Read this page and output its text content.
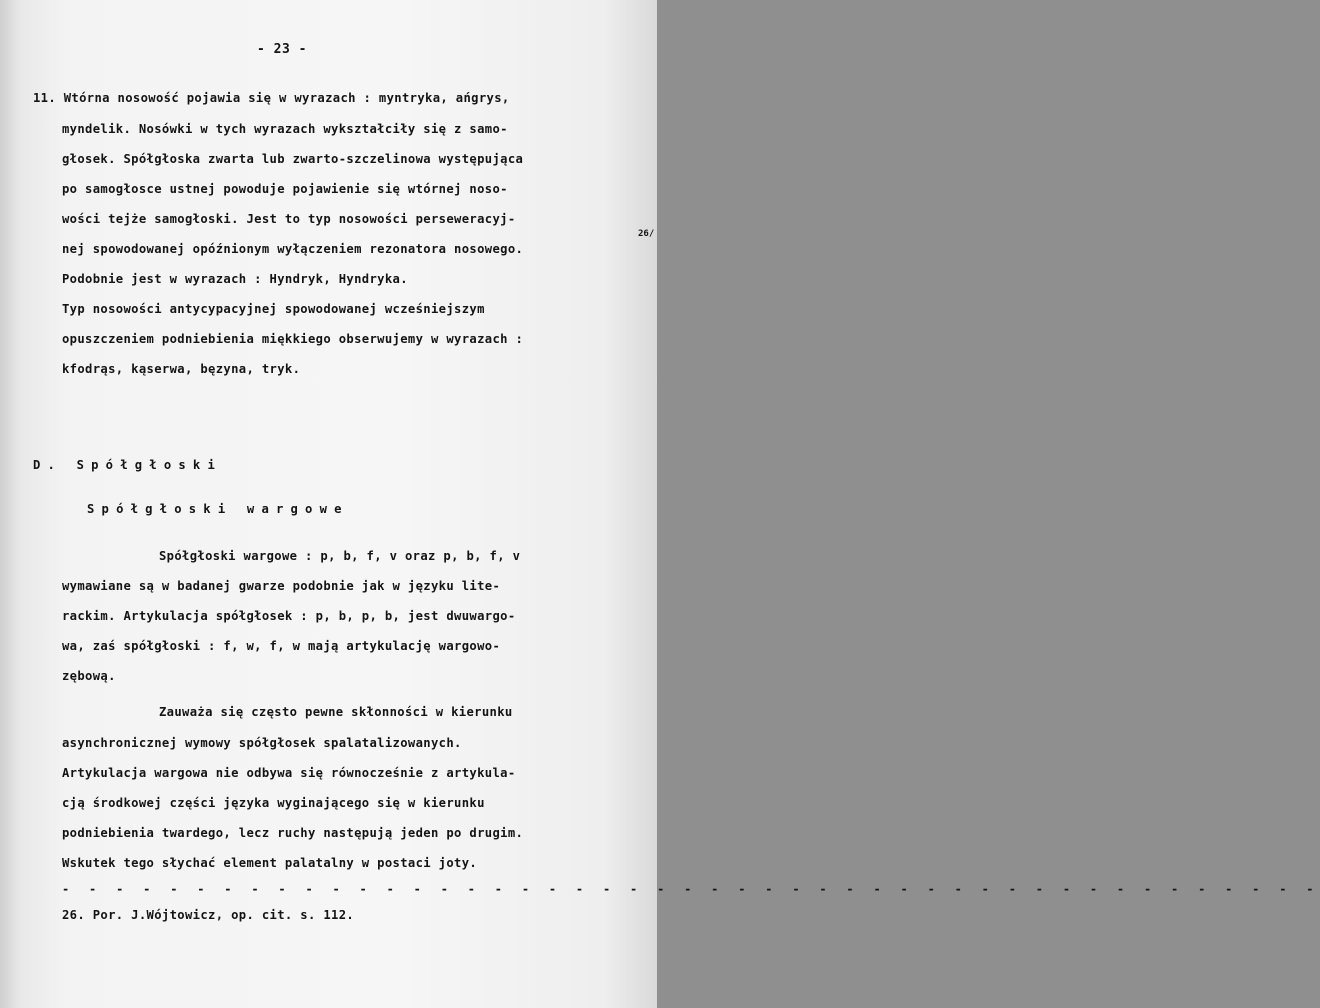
- 23 -
11. Wtórna nosowość pojawia się w wyrazach : myntryka, ańgrys,
myndelik. Nosówki w tych wyrazach wykształciły się z samo-
głosek. Spółgłoska zwarta lub zwarto-szczelinowa występująca
po samogłosce ustnej powoduje pojawienie się wtórnej noso-
wości tejże samogłoski. Jest to typ nosowości perseweracyj-
nej spowodowanej opóźnionym wyłączeniem rezonatora nosowego.
26/
Podobnie jest w wyrazach : Hyndryk, Hyndryka.
Typ nosowości antycypacyjnej spowodowanej wcześniejszym
opuszczeniem podniebienia miękkiego obserwujemy w wyrazach :
kfodrąs, kąserwa, bęzyna, tryk.
D. Spółgłoski
Spółgłoski wargowe
Spółgłoski wargowe : p, b, f, v oraz p, b, f, v
wymawiane są w badanej gwarze podobnie jak w języku lite-
rackim. Artykulacja spółgłosek : p, b, p, b, jest dwuwargo-
wa, zaś spółgłoski : f, w, f, w mają artykulację wargowo-
zębową.
Zauważa się często pewne skłonności w kierunku
asynchronicznej wymowy spółgłosek spalatalizowanych.
Artykulacja wargowa nie odbywa się równocześnie z artykula-
cją środkowej części języka wyginającego się w kierunku
podniebienia twardego, lecz ruchy następują jeden po drugim.
Wskutek tego słychać element palatalny w postaci joty.
- - - - - - - - - - - - - - - - - - - - - - - - - - - - - - - - - - - - - - - - - - - - - - -
26. Por. J.Wójtowicz, op. cit. s. 112.
